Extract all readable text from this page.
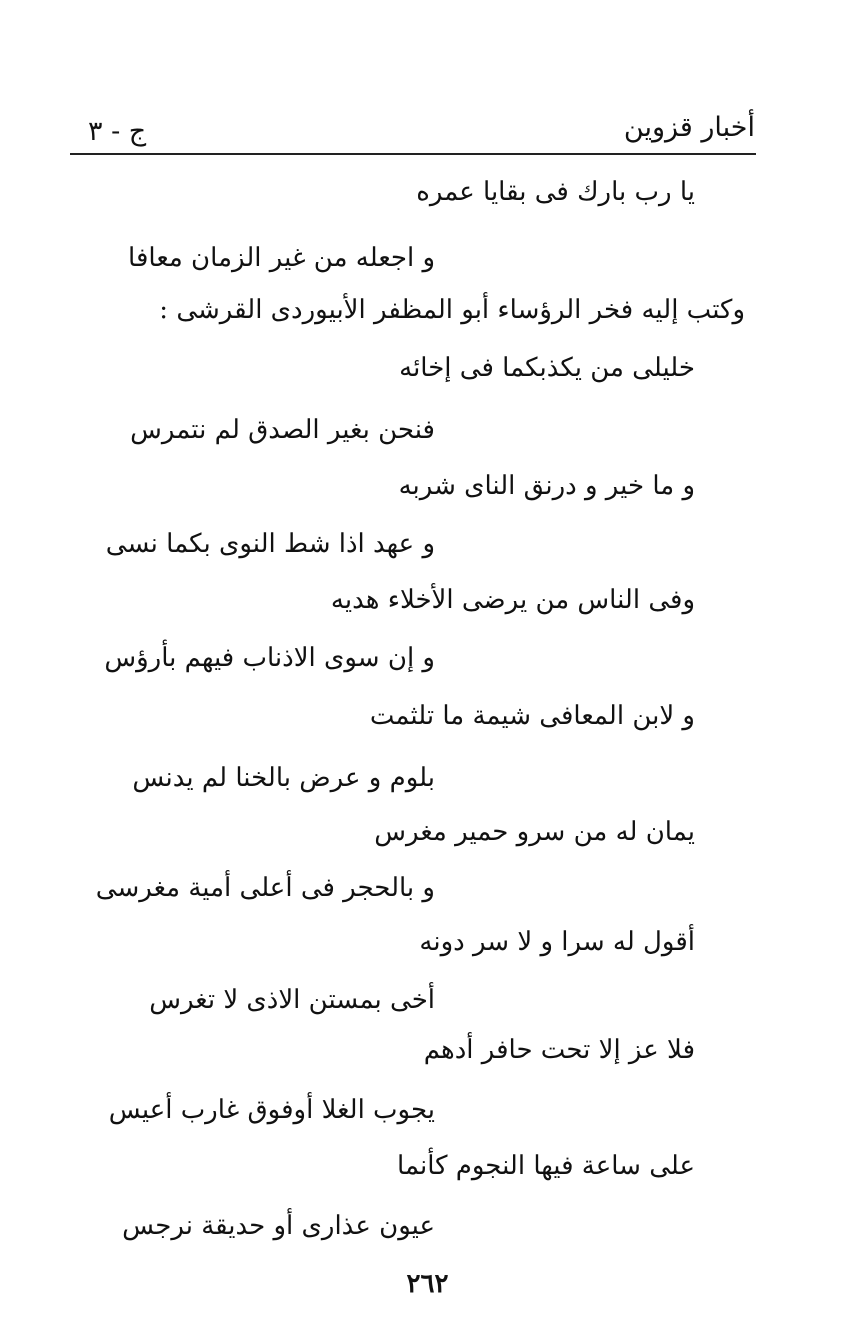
أخبار قزوين
ج - ٣
يا رب بارك فى بقايا عمره
و اجعله من غير الزمان معافا
وكتب إليه فخر الرؤساء أبو المظفر الأبيوردى القرشى :
خليلى من يكذبكما فى إخائه
فنحن بغير الصدق لم نتمرس
و ما خير و درنق الناى شربه
و عهد اذا شط النوى بكما نسى
وفى الناس من يرضى الأخلاء هديه
و إن سوى الاذناب فيهم بأرؤس
و لابن المعافى شيمة ما تلثمت
بلوم و عرض بالخنا لم يدنس
يمان له من سرو حمير مغرس
و بالحجر فى أعلى أمية مغرسى
أقول له سرا و لا سر دونه
أخى بمستن الاذى لا تغرس
فلا عز إلا تحت حافر أدهم
يجوب الغلا أوفوق غارب أعيس
على ساعة فيها النجوم كأنما
عيون عذارى أو حديقة نرجس
٢٦٢
